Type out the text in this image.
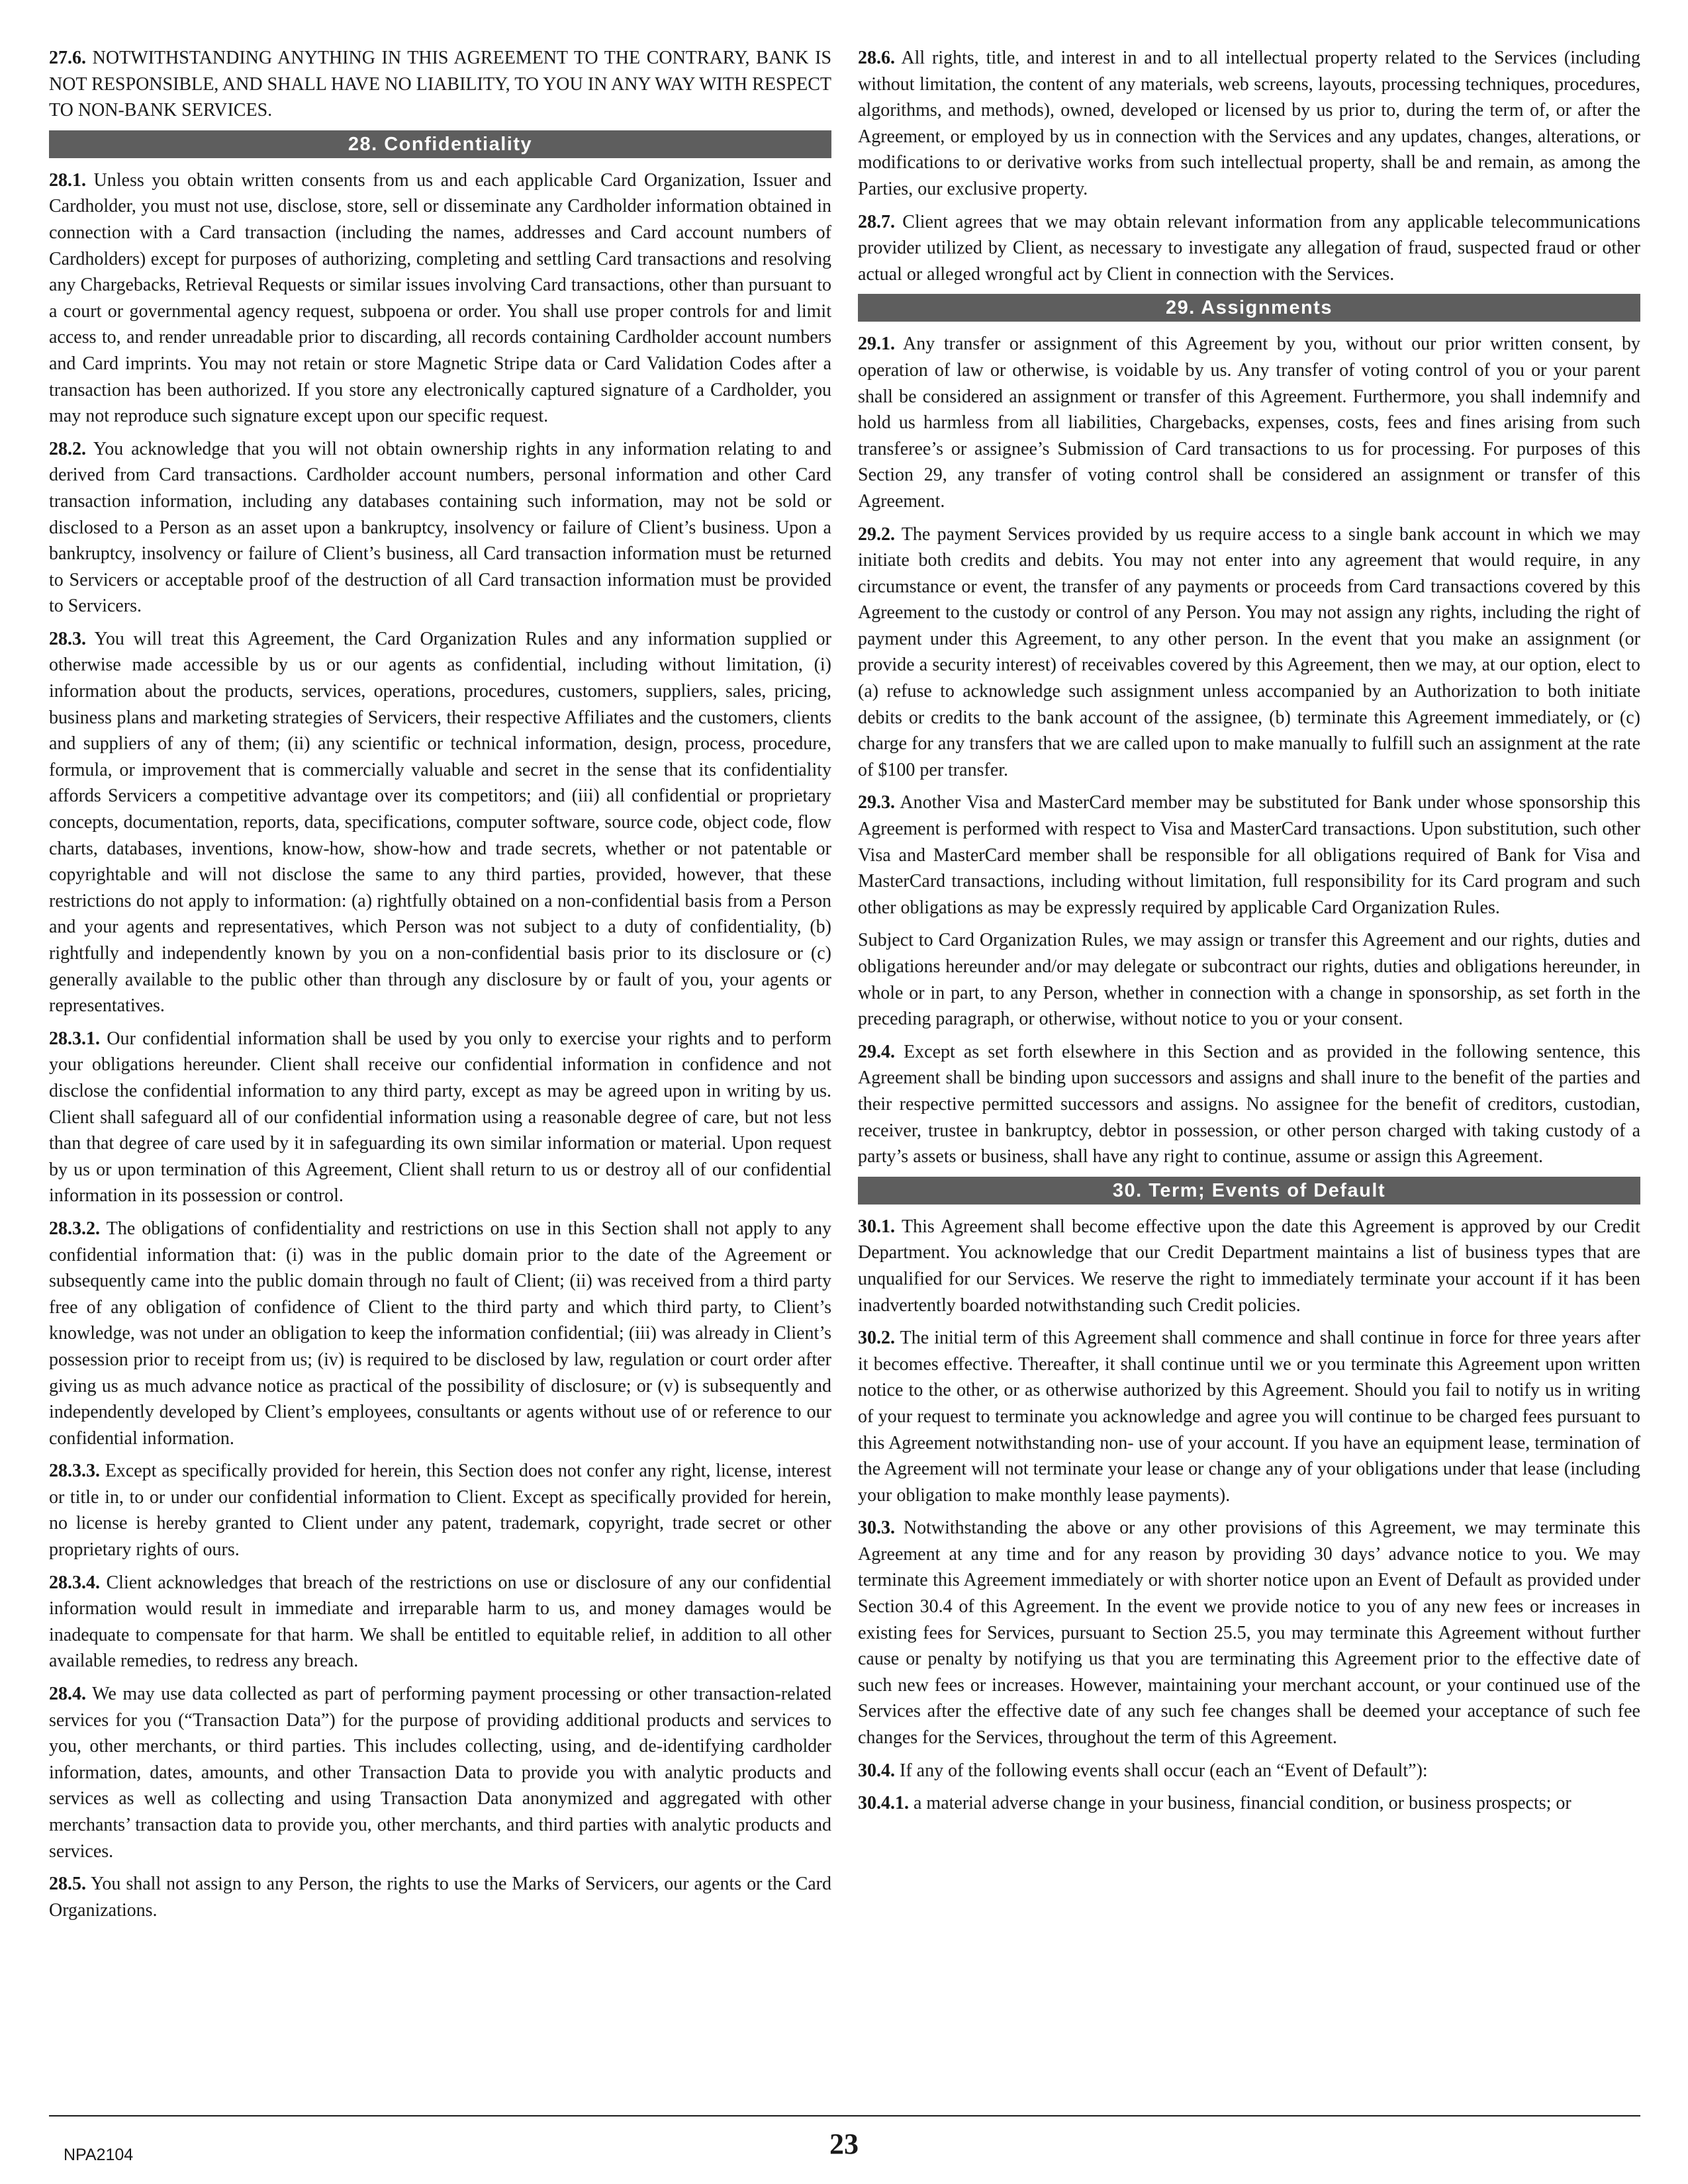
27.6. NOTWITHSTANDING ANYTHING IN THIS AGREEMENT TO THE CONTRARY, BANK IS NOT RESPONSIBLE, AND SHALL HAVE NO LIABILITY, TO YOU IN ANY WAY WITH RESPECT TO NON-BANK SERVICES.

28. Confidentiality

28.1. Unless you obtain written consents from us and each applicable Card Organization, Issuer and Cardholder, you must not use, disclose, store, sell or disseminate any Cardholder information obtained in connection with a Card transaction (including the names, addresses and Card account numbers of Cardholders) except for purposes of authorizing, completing and settling Card transactions and resolving any Chargebacks, Retrieval Requests or similar issues involving Card transactions, other than pursuant to a court or governmental agency request, subpoena or order. You shall use proper controls for and limit access to, and render unreadable prior to discarding, all records containing Cardholder account numbers and Card imprints. You may not retain or store Magnetic Stripe data or Card Validation Codes after a transaction has been authorized. If you store any electronically captured signature of a Cardholder, you may not reproduce such signature except upon our specific request.

28.2. You acknowledge that you will not obtain ownership rights in any information relating to and derived from Card transactions. Cardholder account numbers, personal information and other Card transaction information, including any databases containing such information, may not be sold or disclosed to a Person as an asset upon a bankruptcy, insolvency or failure of Client’s business. Upon a bankruptcy, insolvency or failure of Client’s business, all Card transaction information must be returned to Servicers or acceptable proof of the destruction of all Card transaction information must be provided to Servicers.

28.3. You will treat this Agreement, the Card Organization Rules and any information supplied or otherwise made accessible by us or our agents as confidential, including without limitation, (i) information about the products, services, operations, procedures, customers, suppliers, sales, pricing, business plans and marketing strategies of Servicers, their respective Affiliates and the customers, clients and suppliers of any of them; (ii) any scientific or technical information, design, process, procedure, formula, or improvement that is commercially valuable and secret in the sense that its confidentiality affords Servicers a competitive advantage over its competitors; and (iii) all confidential or proprietary concepts, documentation, reports, data, specifications, computer software, source code, object code, flow charts, databases, inventions, know-how, show-how and trade secrets, whether or not patentable or copyrightable and will not disclose the same to any third parties, provided, however, that these restrictions do not apply to information: (a) rightfully obtained on a non-confidential basis from a Person and your agents and representatives, which Person was not subject to a duty of confidentiality, (b) rightfully and independently known by you on a non-confidential basis prior to its disclosure or (c) generally available to the public other than through any disclosure by or fault of you, your agents or representatives.

28.3.1. Our confidential information shall be used by you only to exercise your rights and to perform your obligations hereunder. Client shall receive our confidential information in confidence and not disclose the confidential information to any third party, except as may be agreed upon in writing by us. Client shall safeguard all of our confidential information using a reasonable degree of care, but not less than that degree of care used by it in safeguarding its own similar information or material. Upon request by us or upon termination of this Agreement, Client shall return to us or destroy all of our confidential information in its possession or control.

28.3.2. The obligations of confidentiality and restrictions on use in this Section shall not apply to any confidential information that: (i) was in the public domain prior to the date of the Agreement or subsequently came into the public domain through no fault of Client; (ii) was received from a third party free of any obligation of confidence of Client to the third party and which third party, to Client’s knowledge, was not under an obligation to keep the information confidential; (iii) was already in Client’s possession prior to receipt from us; (iv) is required to be disclosed by law, regulation or court order after giving us as much advance notice as practical of the possibility of disclosure; or (v) is subsequently and independently developed by Client’s employees, consultants or agents without use of or reference to our confidential information.

28.3.3. Except as specifically provided for herein, this Section does not confer any right, license, interest or title in, to or under our confidential information to Client. Except as specifically provided for herein, no license is hereby granted to Client under any patent, trademark, copyright, trade secret or other proprietary rights of ours.

28.3.4. Client acknowledges that breach of the restrictions on use or disclosure of any our confidential information would result in immediate and irreparable harm to us, and money damages would be inadequate to compensate for that harm. We shall be entitled to equitable relief, in addition to all other available remedies, to redress any breach.

28.4. We may use data collected as part of performing payment processing or other transaction-related services for you (“Transaction Data”) for the purpose of providing additional products and services to you, other merchants, or third parties. This includes collecting, using, and de-identifying cardholder information, dates, amounts, and other Transaction Data to provide you with analytic products and services as well as collecting and using Transaction Data anonymized and aggregated with other merchants’ transaction data to provide you, other merchants, and third parties with analytic products and services.

28.5. You shall not assign to any Person, the rights to use the Marks of Servicers, our agents or the Card Organizations.

28.6. All rights, title, and interest in and to all intellectual property related to the Services (including without limitation, the content of any materials, web screens, layouts, processing techniques, procedures, algorithms, and methods), owned, developed or licensed by us prior to, during the term of, or after the Agreement, or employed by us in connection with the Services and any updates, changes, alterations, or modifications to or derivative works from such intellectual property, shall be and remain, as among the Parties, our exclusive property.

28.7. Client agrees that we may obtain relevant information from any applicable telecommunications provider utilized by Client, as necessary to investigate any allegation of fraud, suspected fraud or other actual or alleged wrongful act by Client in connection with the Services.

29. Assignments

29.1. Any transfer or assignment of this Agreement by you, without our prior written consent, by operation of law or otherwise, is voidable by us. Any transfer of voting control of you or your parent shall be considered an assignment or transfer of this Agreement. Furthermore, you shall indemnify and hold us harmless from all liabilities, Chargebacks, expenses, costs, fees and fines arising from such transferee’s or assignee’s Submission of Card transactions to us for processing. For purposes of this Section 29, any transfer of voting control shall be considered an assignment or transfer of this Agreement.

29.2. The payment Services provided by us require access to a single bank account in which we may initiate both credits and debits. You may not enter into any agreement that would require, in any circumstance or event, the transfer of any payments or proceeds from Card transactions covered by this Agreement to the custody or control of any Person. You may not assign any rights, including the right of payment under this Agreement, to any other person. In the event that you make an assignment (or provide a security interest) of receivables covered by this Agreement, then we may, at our option, elect to (a) refuse to acknowledge such assignment unless accompanied by an Authorization to both initiate debits or credits to the bank account of the assignee, (b) terminate this Agreement immediately, or (c) charge for any transfers that we are called upon to make manually to fulfill such an assignment at the rate of $100 per transfer.

29.3. Another Visa and MasterCard member may be substituted for Bank under whose sponsorship this Agreement is performed with respect to Visa and MasterCard transactions. Upon substitution, such other Visa and MasterCard member shall be responsible for all obligations required of Bank for Visa and MasterCard transactions, including without limitation, full responsibility for its Card program and such other obligations as may be expressly required by applicable Card Organization Rules.

Subject to Card Organization Rules, we may assign or transfer this Agreement and our rights, duties and obligations hereunder and/or may delegate or subcontract our rights, duties and obligations hereunder, in whole or in part, to any Person, whether in connection with a change in sponsorship, as set forth in the preceding paragraph, or otherwise, without notice to you or your consent.

29.4. Except as set forth elsewhere in this Section and as provided in the following sentence, this Agreement shall be binding upon successors and assigns and shall inure to the benefit of the parties and their respective permitted successors and assigns. No assignee for the benefit of creditors, custodian, receiver, trustee in bankruptcy, debtor in possession, or other person charged with taking custody of a party’s assets or business, shall have any right to continue, assume or assign this Agreement.

30. Term; Events of Default

30.1. This Agreement shall become effective upon the date this Agreement is approved by our Credit Department. You acknowledge that our Credit Department maintains a list of business types that are unqualified for our Services. We reserve the right to immediately terminate your account if it has been inadvertently boarded notwithstanding such Credit policies.

30.2. The initial term of this Agreement shall commence and shall continue in force for three years after it becomes effective. Thereafter, it shall continue until we or you terminate this Agreement upon written notice to the other, or as otherwise authorized by this Agreement. Should you fail to notify us in writing of your request to terminate you acknowledge and agree you will continue to be charged fees pursuant to this Agreement notwithstanding non- use of your account. If you have an equipment lease, termination of the Agreement will not terminate your lease or change any of your obligations under that lease (including your obligation to make monthly lease payments).

30.3. Notwithstanding the above or any other provisions of this Agreement, we may terminate this Agreement at any time and for any reason by providing 30 days’ advance notice to you. We may terminate this Agreement immediately or with shorter notice upon an Event of Default as provided under Section 30.4 of this Agreement. In the event we provide notice to you of any new fees or increases in existing fees for Services, pursuant to Section 25.5, you may terminate this Agreement without further cause or penalty by notifying us that you are terminating this Agreement prior to the effective date of such new fees or increases. However, maintaining your merchant account, or your continued use of the Services after the effective date of any such fee changes shall be deemed your acceptance of such fee changes for the Services, throughout the term of this Agreement.

30.4. If any of the following events shall occur (each an “Event of Default”):

30.4.1. a material adverse change in your business, financial condition, or business prospects; or

NPA2104	23
